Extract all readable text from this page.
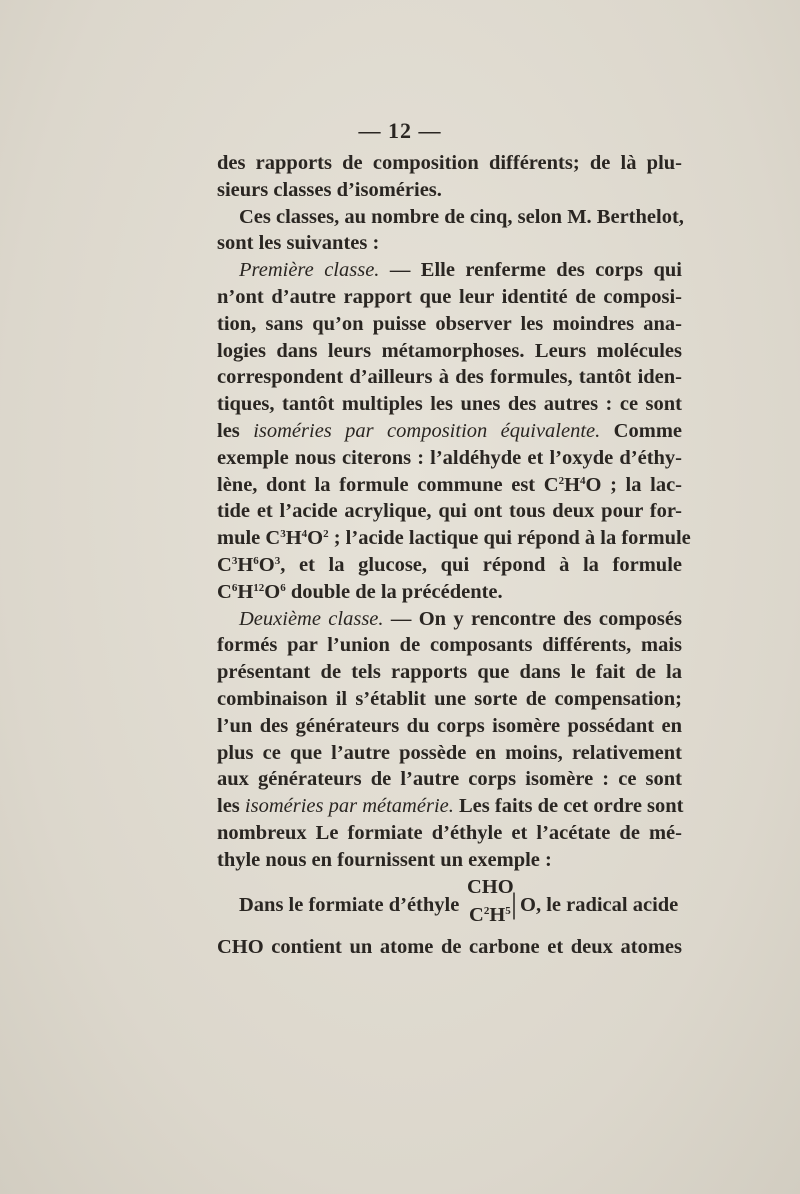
— 12 —
des rapports de composition différents; de là plu-
sieurs classes d’isoméries.
Ces classes, au nombre de cinq, selon M. Berthelot,
sont les suivantes :
Première classe. — Elle renferme des corps qui
n’ont d’autre rapport que leur identité de composi-
tion, sans qu’on puisse observer les moindres ana-
logies dans leurs métamorphoses. Leurs molécules
correspondent d’ailleurs à des formules, tantôt iden-
tiques, tantôt multiples les unes des autres : ce sont
les isoméries par composition équivalente. Comme
exemple nous citerons : l’aldéhyde et l’oxyde d’éthy-
lène, dont la formule commune est $C^2H^4O$ ; la lac-
tide et l’acide acrylique, qui ont tous deux pour for-
mule $C^3H^4O^2$ ; l’acide lactique qui répond à la formule
$C^3H^6O^3$, et la glucose, qui répond à la formule
$C^6H^{12}O^6$ double de la précédente.
Deuxième classe. — On y rencontre des composés
formés par l’union de composants différents, mais
présentant de tels rapports que dans le fait de la
combinaison il s’établit une sorte de compensation;
l’un des générateurs du corps isomère possédant en
plus ce que l’autre possède en moins, relativement
aux générateurs de l’autre corps isomère : ce sont
les isoméries par métamérie. Les faits de cet ordre sont
nombreux Le formiate d’éthyle et l’acétate de mé-
thyle nous en fournissent un exemple :
Dans le formiate d’éthyle
CHO
$C^2H^5$ | O, le radical acide
CHO contient un atome de carbone et deux atomes
